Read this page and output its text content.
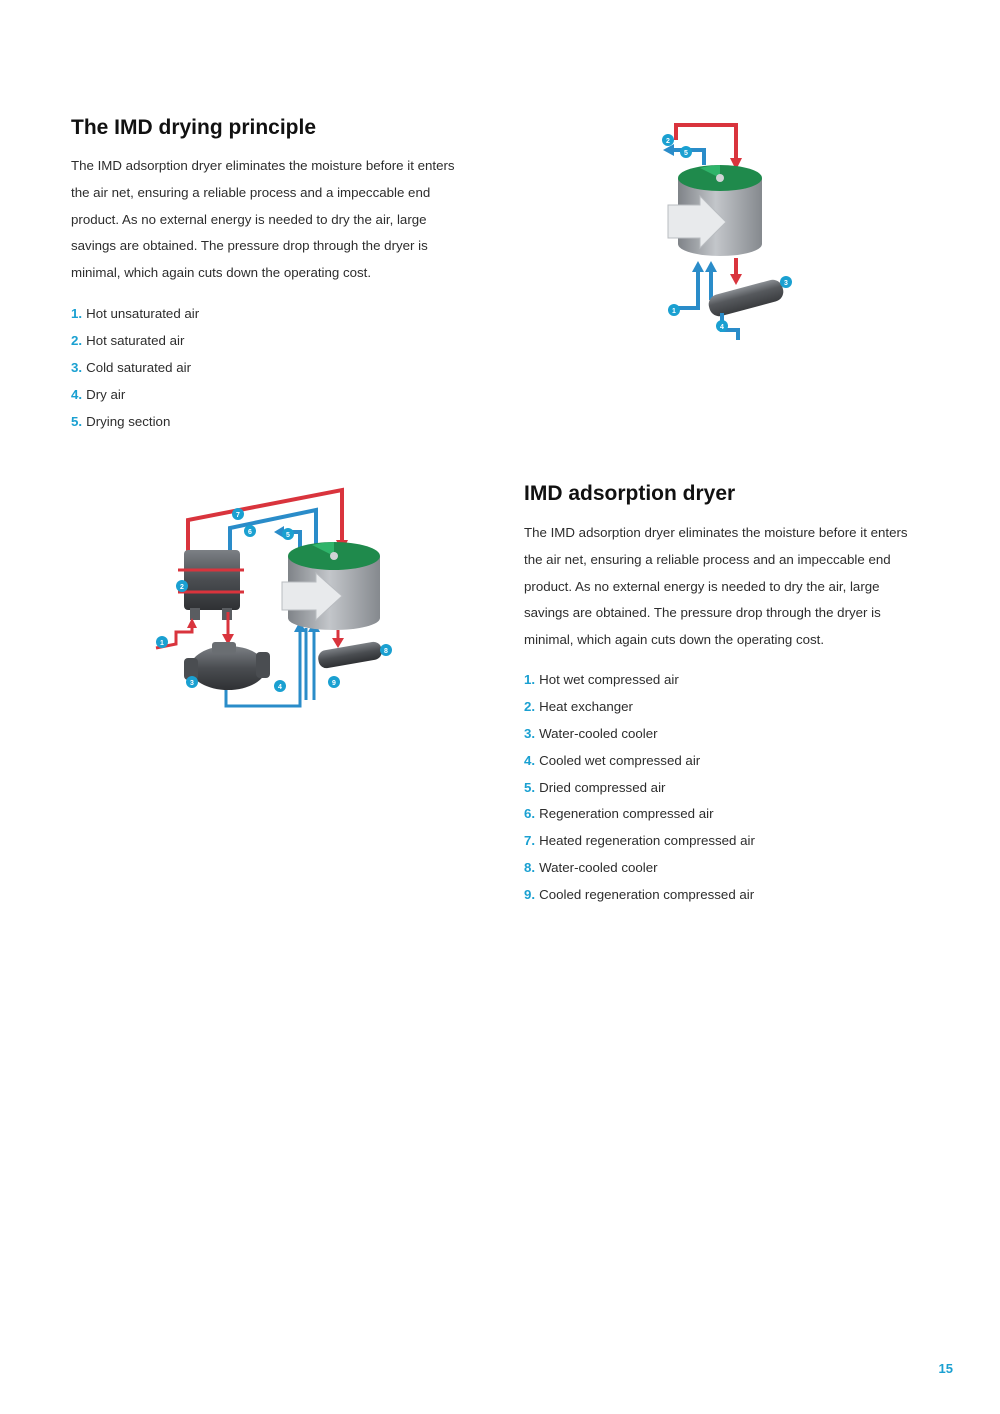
The IMD drying principle

The IMD adsorption dryer eliminates the moisture before it enters
the air net, ensuring a reliable process and a impeccable end
product. As no external energy is needed to dry the air, large
savings are obtained. The pressure drop through the dryer is
minimal, which again cuts down the operating cost.

1. Hot unsaturated air
2. Hot saturated air
3. Cold saturated air
4. Dry air
5. Drying section
2
5
3
1
4
1
2
3
4
5
6
7
8
9
IMD adsorption dryer

The IMD adsorption dryer eliminates the moisture before it enters
the air net, ensuring a reliable process and an impeccable end
product. As no external energy is needed to dry the air, large
savings are obtained. The pressure drop through the dryer is
minimal, which again cuts down the operating cost.

1. Hot wet compressed air
2. Heat exchanger
3. Water-cooled cooler
4. Cooled wet compressed air
5. Dried compressed air
6. Regeneration compressed air
7. Heated regeneration compressed air
8. Water-cooled cooler
9. Cooled regeneration compressed air
15
